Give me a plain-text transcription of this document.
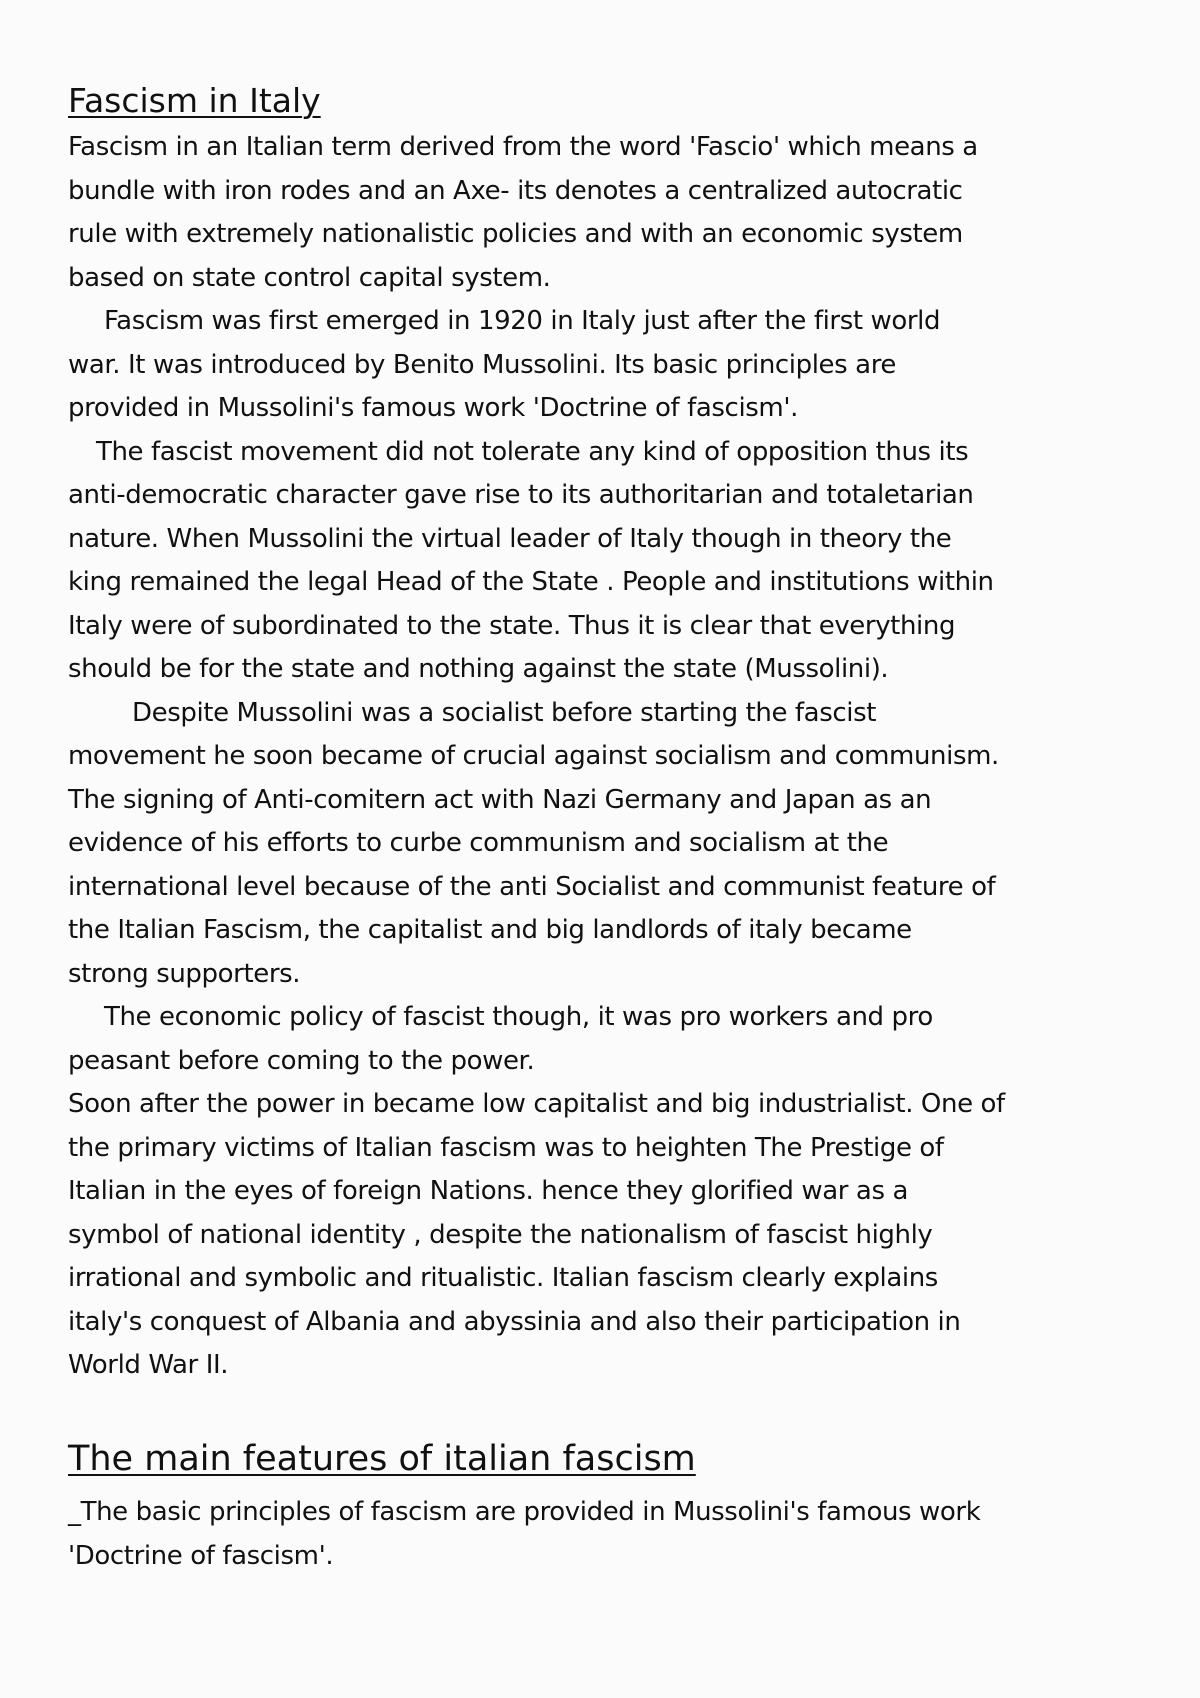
Fascism in Italy

Fascism in an Italian term derived from the word 'Fascio' which means a
bundle with iron rodes and an Axe- its denotes a centralized autocratic
rule with extremely nationalistic policies and with an economic system
based on state control capital system.

Fascism was first emerged in 1920 in Italy just after the first world
war. It was introduced by Benito Mussolini. Its basic principles are
provided in Mussolini's famous work 'Doctrine of fascism'.

The fascist movement did not tolerate any kind of opposition thus its
anti-democratic character gave rise to its authoritarian and totaletarian
nature. When Mussolini the virtual leader of Italy though in theory the
king remained the legal Head of the State . People and institutions within
Italy were of subordinated to the state. Thus it is clear that everything
should be for the state and nothing against the state (Mussolini).

Despite Mussolini was a socialist before starting the fascist
movement he soon became of crucial against socialism and communism.
The signing of Anti-comitern act with Nazi Germany and Japan as an
evidence of his efforts to curbe communism and socialism at the
international level because of the anti Socialist and communist feature of
the Italian Fascism, the capitalist and big landlords of italy became
strong supporters.

The economic policy of fascist though, it was pro workers and pro
peasant before coming to the power.

Soon after the power in became low capitalist and big industrialist. One of
the primary victims of Italian fascism was to heighten The Prestige of
Italian in the eyes of foreign Nations. hence they glorified war as a
symbol of national identity , despite the nationalism of fascist highly
irrational and symbolic and ritualistic. Italian fascism clearly explains
italy's conquest of Albania and abyssinia and also their participation in
World War II.

The main features of italian fascism

_The basic principles of fascism are provided in Mussolini's famous work
'Doctrine of fascism'.
